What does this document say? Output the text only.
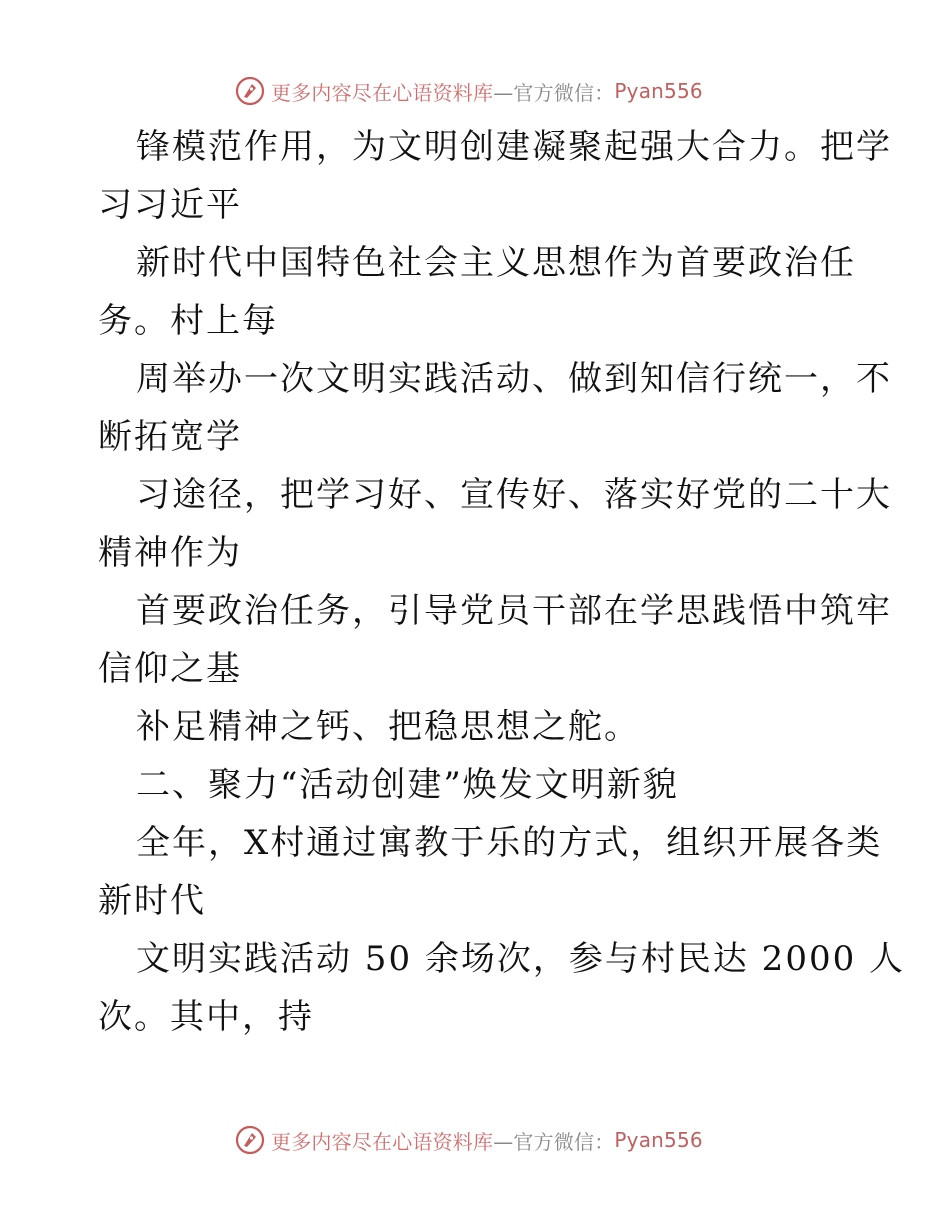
更多内容尽在心语资料库 —官方微信： Pyan556
锋模范作用，为文明创建凝聚起强大合力。把学
习习近平
新时代中国特色社会主义思想作为首要政治任
务。村上每
周举办一次文明实践活动、做到知信行统一，不
断拓宽学
习途径，把学习好、宣传好、落实好党的二十大
精神作为
首要政治任务，引导党员干部在学思践悟中筑牢
信仰之基
补足精神之钙、把稳思想之舵。
二、聚力“活动创建”焕发文明新貌
全年，X村通过寓教于乐的方式，组织开展各类
新时代
文明实践活动 50 余场次，参与村民达 2000 人
次。其中，持
更多内容尽在心语资料库 —官方微信： Pyan556
